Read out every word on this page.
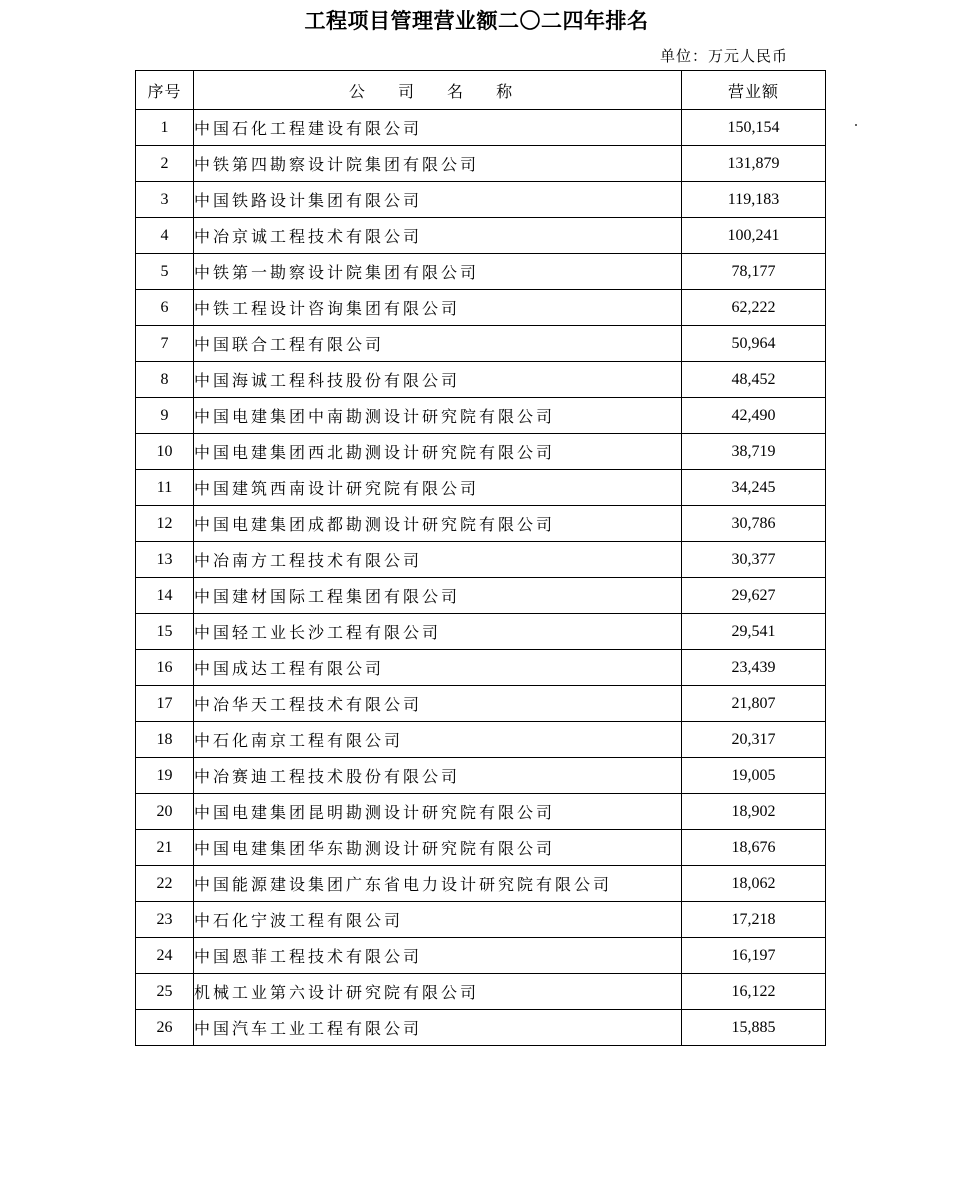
工程项目管理营业额二〇二四年排名
单位：万元人民币
序号	公 司 名 称	营业额
1	中国石化工程建设有限公司	150,154
2	中铁第四勘察设计院集团有限公司	131,879
3	中国铁路设计集团有限公司	119,183
4	中冶京诚工程技术有限公司	100,241
5	中铁第一勘察设计院集团有限公司	78,177
6	中铁工程设计咨询集团有限公司	62,222
7	中国联合工程有限公司	50,964
8	中国海诚工程科技股份有限公司	48,452
9	中国电建集团中南勘测设计研究院有限公司	42,490
10	中国电建集团西北勘测设计研究院有限公司	38,719
11	中国建筑西南设计研究院有限公司	34,245
12	中国电建集团成都勘测设计研究院有限公司	30,786
13	中冶南方工程技术有限公司	30,377
14	中国建材国际工程集团有限公司	29,627
15	中国轻工业长沙工程有限公司	29,541
16	中国成达工程有限公司	23,439
17	中冶华天工程技术有限公司	21,807
18	中石化南京工程有限公司	20,317
19	中冶赛迪工程技术股份有限公司	19,005
20	中国电建集团昆明勘测设计研究院有限公司	18,902
21	中国电建集团华东勘测设计研究院有限公司	18,676
22	中国能源建设集团广东省电力设计研究院有限公司	18,062
23	中石化宁波工程有限公司	17,218
24	中国恩菲工程技术有限公司	16,197
25	机械工业第六设计研究院有限公司	16,122
26	中国汽车工业工程有限公司	15,885
